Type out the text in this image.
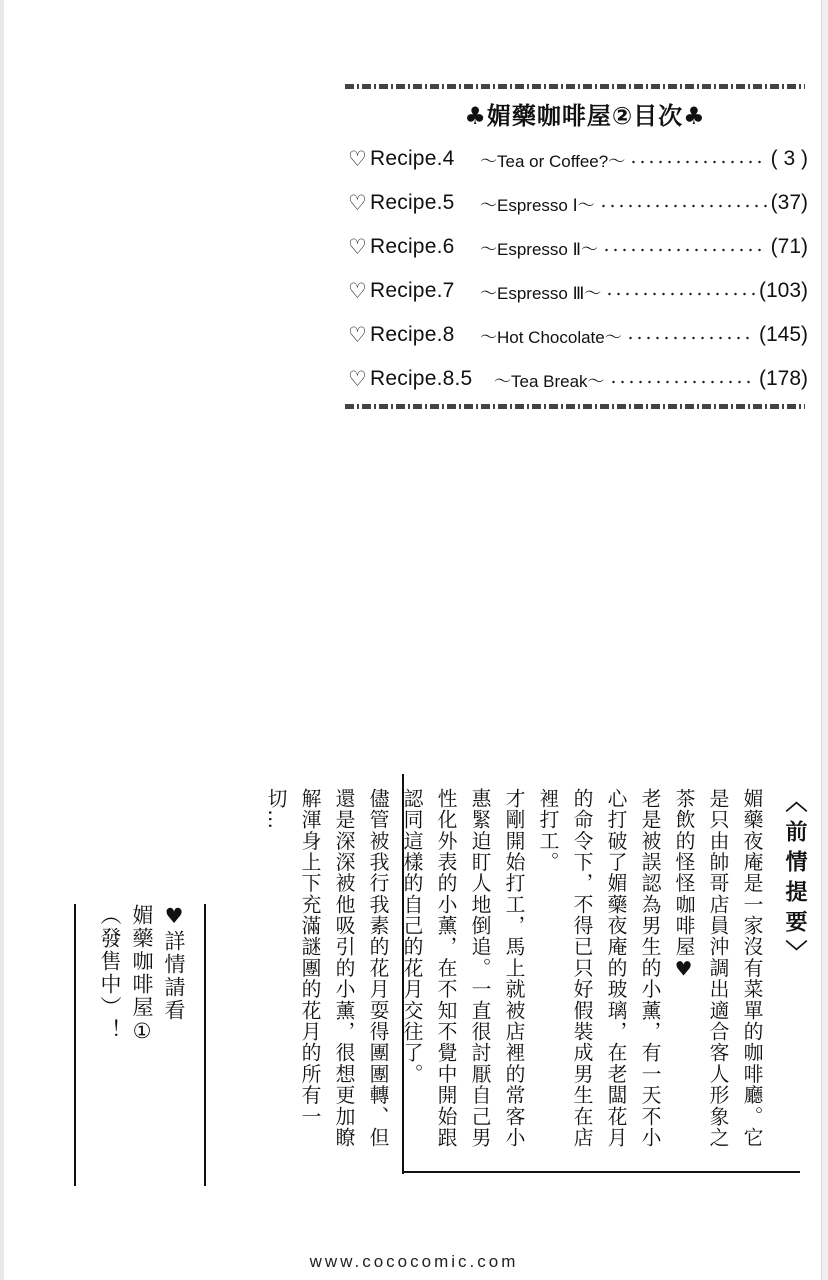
♣媚藥咖啡屋②目次♣
♡ Recipe.4	～Tea or Coffee?～	( 3 )
♡ Recipe.5	～Espresso Ⅰ～	(37)
♡ Recipe.6	～Espresso Ⅱ～	(71)
♡ Recipe.7	～Espresso Ⅲ～	(103)
♡ Recipe.8	～Hot Chocolate～	(145)
♡ Recipe.8.5	～Tea Break～	(178)
〈前情提要〉

媚藥夜庵是一家沒有菜單的咖啡廳。它是只由帥哥店員沖調出適合客人形象之茶飲的怪怪咖啡屋♥

老是被誤認為男生的小薰，有一天不小心打破了媚藥夜庵的玻璃，在老闆花月的命令下，不得已只好假裝成男生在店裡打工。

才剛開始打工，馬上就被店裡的常客小惠緊迫盯人地倒追。一直很討厭自己男性化外表的小薰，在不知不覺中開始跟認同這樣的自己的花月交往了。

儘管被我行我素的花月耍得團團轉、但還是深深被他吸引的小薰，很想更加瞭解渾身上下充滿謎團的花月的所有一切…

♥詳情請看
媚藥咖啡屋①
（發售中）！
www.cococomic.com
